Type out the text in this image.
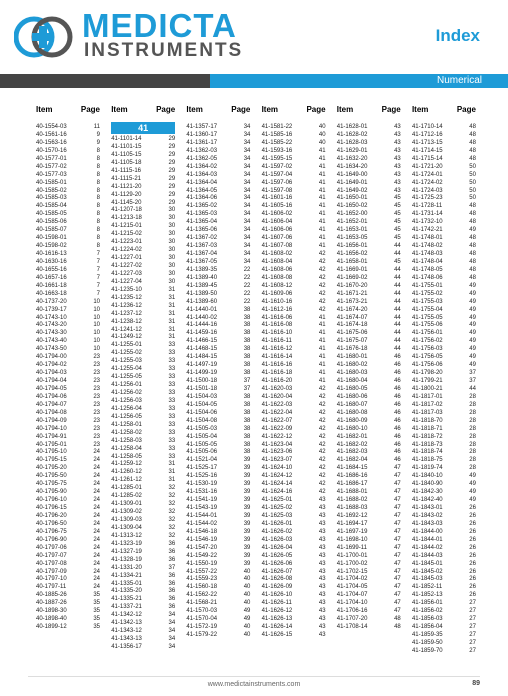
MEDICTA
INSTRUMENTS
Index
Numerical
Item	Page
40-1554-03	11
40-1561-16	9
40-1563-16	9
40-1570-16	8
40-1577-01	8
40-1577-02	8
40-1577-03	8
40-1585-01	8
40-1585-02	8
40-1585-03	8
40-1585-04	8
40-1585-05	8
40-1585-06	8
40-1585-07	8
40-1598-01	8
40-1598-02	8
40-1616-13	7
40-1630-16	7
40-1655-16	7
40-1657-16	7
40-1661-18	7
40-1663-18	7
40-1737-20	10
40-1739-17	10
40-1743-10	10
40-1743-20	10
40-1743-30	10
40-1743-40	10
40-1743-50	10
40-1794-00	23
40-1794-02	23
40-1794-03	23
40-1794-04	23
40-1794-05	23
40-1794-06	23
40-1794-07	23
40-1794-08	23
40-1794-09	23
40-1794-10	23
40-1794-91	23
40-1795-01	23
40-1795-10	24
40-1795-15	24
40-1795-20	24
40-1795-50	24
40-1795-75	24
40-1795-90	24
40-1796-10	24
40-1796-15	24
40-1796-20	24
40-1796-50	24
40-1796-75	24
40-1796-90	24
40-1797-06	24
40-1797-07	24
40-1797-08	24
40-1797-09	24
40-1797-10	24
40-1797-11	24
40-1885-26	35
40-1887-26	35
40-1898-30	35
40-1898-40	35
40-1899-12	35
Item	Page
41
41-1101-14	29
41-1101-15	29
41-1105-15	29
41-1105-18	29
41-1115-16	29
41-1115-21	29
41-1121-20	29
41-1129-20	29
41-1145-20	29
41-1207-18	30
41-1213-18	30
41-1215-01	30
41-1215-02	30
41-1223-01	30
41-1224-02	30
41-1227-01	30
41-1227-02	30
41-1227-03	30
41-1227-04	30
41-1235-10	31
41-1235-12	31
41-1236-12	31
41-1237-12	31
41-1238-12	31
41-1241-12	31
41-1249-12	31
41-1255-01	33
41-1255-02	33
41-1255-03	33
41-1255-04	33
41-1255-05	33
41-1256-01	33
41-1256-02	33
41-1256-03	33
41-1256-04	33
41-1256-05	33
41-1258-01	33
41-1258-02	33
41-1258-03	33
41-1258-04	33
41-1258-05	33
41-1259-12	31
41-1260-12	31
41-1261-12	31
41-1285-01	32
41-1285-02	32
41-1309-01	32
41-1309-02	32
41-1309-03	32
41-1309-04	32
41-1313-12	32
41-1323-19	36
41-1327-19	36
41-1328-19	36
41-1331-20	37
41-1334-21	36
41-1335-01	36
41-1335-20	36
41-1335-21	36
41-1337-21	36
41-1342-12	34
41-1342-13	34
41-1343-12	34
41-1343-13	34
41-1356-17	34
Item	Page
41-1357-17	34
41-1360-17	34
41-1361-17	34
41-1362-03	34
41-1362-05	34
41-1364-02	34
41-1364-03	34
41-1364-04	34
41-1364-05	34
41-1364-06	34
41-1365-02	34
41-1365-03	34
41-1365-04	34
41-1365-06	34
41-1367-02	34
41-1367-03	34
41-1367-04	34
41-1367-05	34
41-1389-35	22
41-1389-40	22
41-1389-45	22
41-1389-50	22
41-1389-60	22
41-1440-01	38
41-1440-02	38
41-1444-16	38
41-1459-16	38
41-1466-15	38
41-1468-15	38
41-1484-15	38
41-1497-19	38
41-1499-19	38
41-1500-18	37
41-1501-18	37
41-1504-03	38
41-1504-05	38
41-1504-06	38
41-1504-08	38
41-1505-03	38
41-1505-04	38
41-1505-05	38
41-1505-06	38
41-1521-04	39
41-1525-17	39
41-1525-16	39
41-1530-19	39
41-1531-16	39
41-1541-19	39
41-1543-19	39
41-1544-01	39
41-1544-02	39
41-1546-18	39
41-1546-19	39
41-1547-20	39
41-1549-22	39
41-1550-19	39
41-1557-22	40
41-1559-23	40
41-1560-18	40
41-1562-22	40
41-1568-21	40
41-1570-03	49
41-1570-04	49
41-1572-19	40
41-1579-22	40
Item	Page
41-1581-22	40
41-1585-16	40
41-1585-22	40
41-1593-16	41
41-1595-15	41
41-1597-02	41
41-1597-04	41
41-1597-06	41
41-1597-08	41
41-1601-16	41
41-1605-16	41
41-1606-02	41
41-1606-04	41
41-1606-06	41
41-1607-06	41
41-1607-08	41
41-1608-02	42
41-1608-04	42
41-1608-06	42
41-1608-08	42
41-1608-12	42
41-1609-06	42
41-1610-16	42
41-1612-16	42
41-1616-06	41
41-1616-08	41
41-1616-10	41
41-1616-11	41
41-1616-12	41
41-1616-14	41
41-1616-16	41
41-1616-18	41
41-1616-20	41
41-1620-03	42
41-1620-04	42
41-1622-03	42
41-1622-04	42
41-1622-07	42
41-1622-09	42
41-1622-12	42
41-1623-04	42
41-1623-06	42
41-1623-07	42
41-1624-10	42
41-1624-12	42
41-1624-14	42
41-1624-16	42
41-1625-01	43
41-1625-02	43
41-1625-03	43
41-1626-01	43
41-1626-02	43
41-1626-03	43
41-1626-04	43
41-1626-05	43
41-1626-06	43
41-1626-07	43
41-1626-08	43
41-1626-09	43
41-1626-10	43
41-1626-11	43
41-1626-12	43
41-1626-13	43
41-1626-14	43
41-1626-15	43
Item	Page
41-1628-01	43
41-1628-02	43
41-1628-03	43
41-1629-01	43
41-1632-20	43
41-1634-20	43
41-1649-00	43
41-1649-01	43
41-1649-02	43
41-1650-01	45
41-1650-02	45
41-1652-00	45
41-1652-01	45
41-1653-01	45
41-1653-05	45
41-1656-01	44
41-1656-02	44
41-1658-01	45
41-1669-01	44
41-1669-02	44
41-1670-20	44
41-1671-21	44
41-1673-21	44
41-1674-20	44
41-1674-07	44
41-1674-18	44
41-1675-06	44
41-1675-07	44
41-1676-18	44
41-1680-01	46
41-1680-02	46
41-1680-03	46
41-1680-04	46
41-1680-05	46
41-1680-06	46
41-1680-07	46
41-1680-08	46
41-1680-09	46
41-1680-10	46
41-1682-01	46
41-1682-02	46
41-1682-03	46
41-1682-04	46
41-1684-15	47
41-1686-16	47
41-1686-17	47
41-1688-01	47
41-1688-02	47
41-1688-03	47
41-1692-12	47
41-1694-17	47
41-1697-19	47
41-1698-10	47
41-1699-11	47
41-1700-01	47
41-1700-02	47
41-1702-15	47
41-1704-02	47
41-1704-05	47
41-1704-07	47
41-1704-10	47
41-1706-16	47
41-1707-20	48
41-1708-14	48
Item	Page
41-1710-14	48
41-1712-16	48
41-1713-15	48
41-1714-15	48
41-1715-14	48
41-1721-20	50
41-1724-01	50
41-1724-02	50
41-1724-03	50
41-1725-23	50
41-1728-11	48
41-1731-14	48
41-1732-10	48
41-1742-21	49
41-1748-01	48
41-1748-02	48
41-1748-03	48
41-1748-04	48
41-1748-05	48
41-1748-06	48
41-1755-01	49
41-1755-02	49
41-1755-03	49
41-1755-04	49
41-1755-05	49
41-1755-06	49
41-1756-01	49
41-1756-02	49
41-1756-03	49
41-1756-05	49
41-1756-06	49
41-1798-20	37
41-1799-21	37
41-1800-21	44
41-1817-01	28
41-1817-02	28
41-1817-03	28
41-1818-70	28
41-1818-71	28
41-1818-72	28
41-1818-73	28
41-1818-74	28
41-1818-75	28
41-1819-74	28
41-1840-10	49
41-1840-90	49
41-1842-30	49
41-1842-40	49
41-1843-01	26
41-1843-02	26
41-1843-03	26
41-1844-00	26
41-1844-01	26
41-1844-02	26
41-1844-03	26
41-1845-01	26
41-1845-02	26
41-1845-03	26
41-1852-11	26
41-1852-13	26
41-1856-01	27
41-1856-02	27
41-1856-03	27
41-1856-04	27
41-1859-35	27
41-1859-50	27
41-1859-70	27
www.medictainstruments.com	89
